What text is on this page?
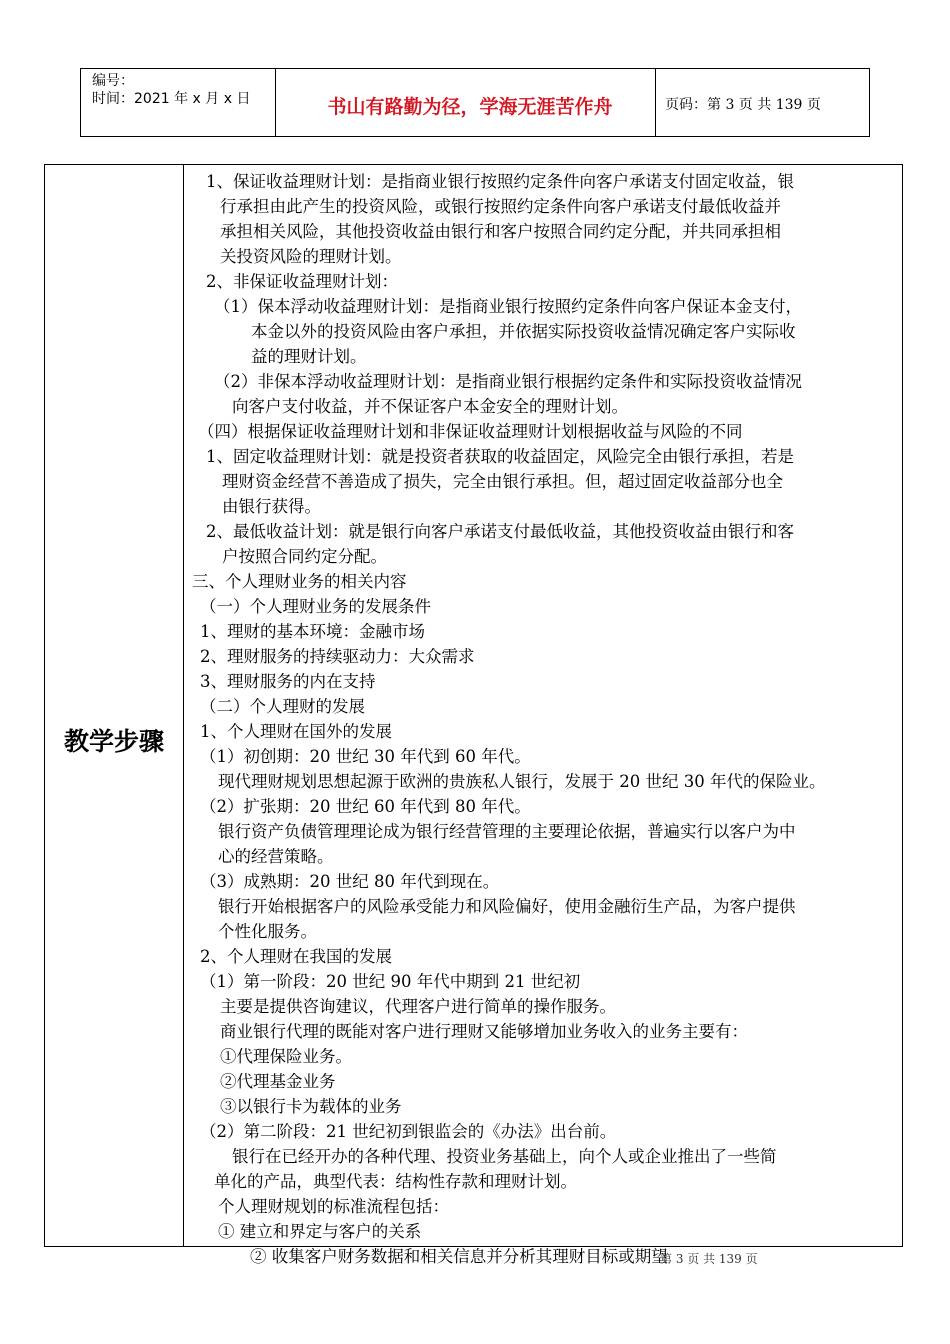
编号：
时间：2021 年 x 月 x 日	书山有路勤为径，学海无涯苦作舟	页码：第 3 页 共 139 页
教学步骤
1、保证收益理财计划：是指商业银行按照约定条件向客户承诺支付固定收益，银
行承担由此产生的投资风险，或银行按照约定条件向客户承诺支付最低收益并
承担相关风险，其他投资收益由银行和客户按照合同约定分配，并共同承担相
关投资风险的理财计划。
2、非保证收益理财计划：
（1）保本浮动收益理财计划：是指商业银行按照约定条件向客户保证本金支付，
本金以外的投资风险由客户承担，并依据实际投资收益情况确定客户实际收
益的理财计划。
（2）非保本浮动收益理财计划：是指商业银行根据约定条件和实际投资收益情况
向客户支付收益，并不保证客户本金安全的理财计划。
（四）根据保证收益理财计划和非保证收益理财计划根据收益与风险的不同
1、固定收益理财计划：就是投资者获取的收益固定，风险完全由银行承担，若是
理财资金经营不善造成了损失，完全由银行承担。但，超过固定收益部分也全
由银行获得。
2、最低收益计划：就是银行向客户承诺支付最低收益，其他投资收益由银行和客
户按照合同约定分配。
三、个人理财业务的相关内容
（一）个人理财业务的发展条件
1、理财的基本环境：金融市场
2、理财服务的持续驱动力：大众需求
3、理财服务的内在支持
（二）个人理财的发展
1、个人理财在国外的发展
（1）初创期：20 世纪 30 年代到 60 年代。
现代理财规划思想起源于欧洲的贵族私人银行，发展于 20 世纪 30 年代的保险业。
（2）扩张期：20 世纪 60 年代到 80 年代。
银行资产负债管理理论成为银行经营管理的主要理论依据，普遍实行以客户为中
心的经营策略。
（3）成熟期：20 世纪 80 年代到现在。
银行开始根据客户的风险承受能力和风险偏好，使用金融衍生产品，为客户提供
个性化服务。
2、个人理财在我国的发展
（1）第一阶段：20 世纪 90 年代中期到 21 世纪初
主要是提供咨询建议，代理客户进行简单的操作服务。
商业银行代理的既能对客户进行理财又能够增加业务收入的业务主要有：
①代理保险业务。
②代理基金业务
③以银行卡为载体的业务
（2）第二阶段：21 世纪初到银监会的《办法》出台前。
银行在已经开办的各种代理、投资业务基础上，向个人或企业推出了一些简
单化的产品，典型代表：结构性存款和理财计划。
个人理财规划的标准流程包括：
① 建立和界定与客户的关系
② 收集客户财务数据和相关信息并分析其理财目标或期望
第 3 页 共 139 页
